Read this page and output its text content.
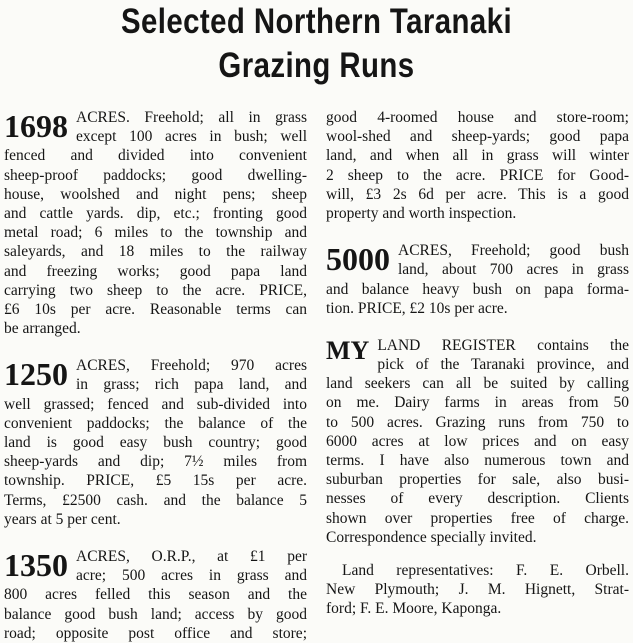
Selected Northern Taranaki
Grazing Runs
1698 ACRES. Freehold; all in grass
except 100 acres in bush; well
fenced and divided into convenient
sheep-proof paddocks; good dwelling-
house, woolshed and night pens; sheep
and cattle yards. dip, etc.; fronting good
metal road; 6 miles to the township and
saleyards, and 18 miles to the railway
and freezing works; good papa land
carrying two sheep to the acre. PRICE,
£6 10s per acre. Reasonable terms can
be arranged.
1250 ACRES, Freehold; 970 acres
in grass; rich papa land, and
well grassed; fenced and sub-divided into
convenient paddocks; the balance of the
land is good easy bush country; good
sheep-yards and dip; 7½ miles from
township. PRICE, £5 15s per acre.
Terms, £2500 cash. and the balance 5
years at 5 per cent.
1350 ACRES, O.R.P., at £1 per
acre; 500 acres in grass and
800 acres felled this season and the
balance good bush land; access by good
road; opposite post office and store;
good 4-roomed house and store-room;
wool-shed and sheep-yards; good papa
land, and when all in grass will winter
2 sheep to the acre. PRICE for Good-
will, £3 2s 6d per acre. This is a good
property and worth inspection.
5000 ACRES, Freehold; good bush
land, about 700 acres in grass
and balance heavy bush on papa forma-
tion. PRICE, £2 10s per acre.
MY LAND REGISTER contains the
pick of the Taranaki province, and
land seekers can all be suited by calling
on me. Dairy farms in areas from 50
to 500 acres. Grazing runs from 750 to
6000 acres at low prices and on easy
terms. I have also numerous town and
suburban properties for sale, also busi-
nesses of every description. Clients
shown over properties free of charge.
Correspondence specially invited.
Land representatives: F. E. Orbell.
New Plymouth; J. M. Hignett, Strat-
ford; F. E. Moore, Kaponga.
